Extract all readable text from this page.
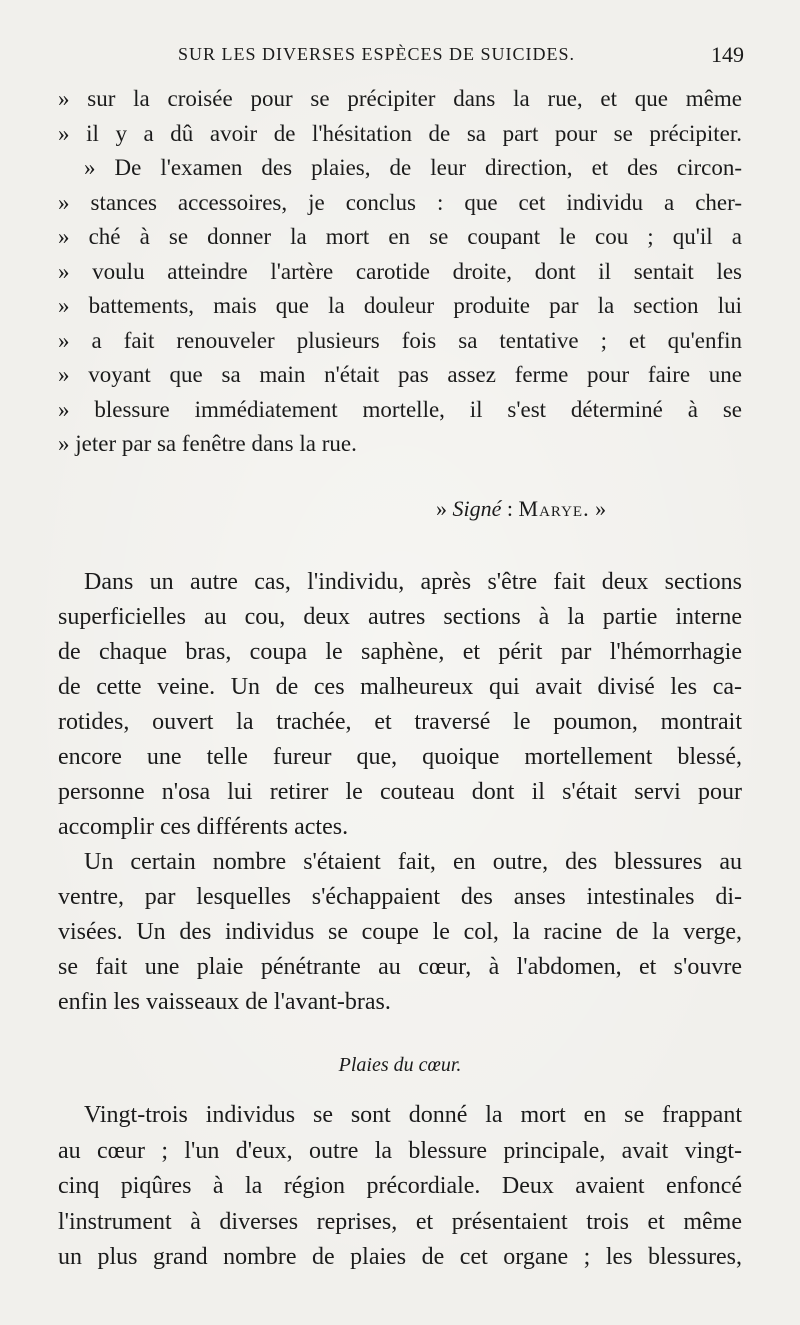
SUR LES DIVERSES ESPÈCES DE SUICIDES.	149
» sur la croisée pour se précipiter dans la rue, et que même
» il y a dû avoir de l'hésitation de sa part pour se précipiter.
» De l'examen des plaies, de leur direction, et des circon-
» stances accessoires, je conclus : que cet individu a cher-
» ché à se donner la mort en se coupant le cou ; qu'il a
» voulu atteindre l'artère carotide droite, dont il sentait les
» battements, mais que la douleur produite par la section lui
» a fait renouveler plusieurs fois sa tentative ; et qu'enfin
» voyant que sa main n'était pas assez ferme pour faire une
» blessure immédiatement mortelle, il s'est déterminé à se
» jeter par sa fenêtre dans la rue.
» Signé : Marye. »
Dans un autre cas, l'individu, après s'être fait deux sections
superficielles au cou, deux autres sections à la partie interne
de chaque bras, coupa le saphène, et périt par l'hémorrhagie
de cette veine. Un de ces malheureux qui avait divisé les ca-
rotides, ouvert la trachée, et traversé le poumon, montrait
encore une telle fureur que, quoique mortellement blessé,
personne n'osa lui retirer le couteau dont il s'était servi pour
accomplir ces différents actes.
Un certain nombre s'étaient fait, en outre, des blessures au
ventre, par lesquelles s'échappaient des anses intestinales di-
visées. Un des individus se coupe le col, la racine de la verge,
se fait une plaie pénétrante au cœur, à l'abdomen, et s'ouvre
enfin les vaisseaux de l'avant-bras.
Plaies du cœur.
Vingt-trois individus se sont donné la mort en se frappant
au cœur ; l'un d'eux, outre la blessure principale, avait vingt-
cinq piqûres à la région précordiale. Deux avaient enfoncé
l'instrument à diverses reprises, et présentaient trois et même
un plus grand nombre de plaies de cet organe ; les blessures,
